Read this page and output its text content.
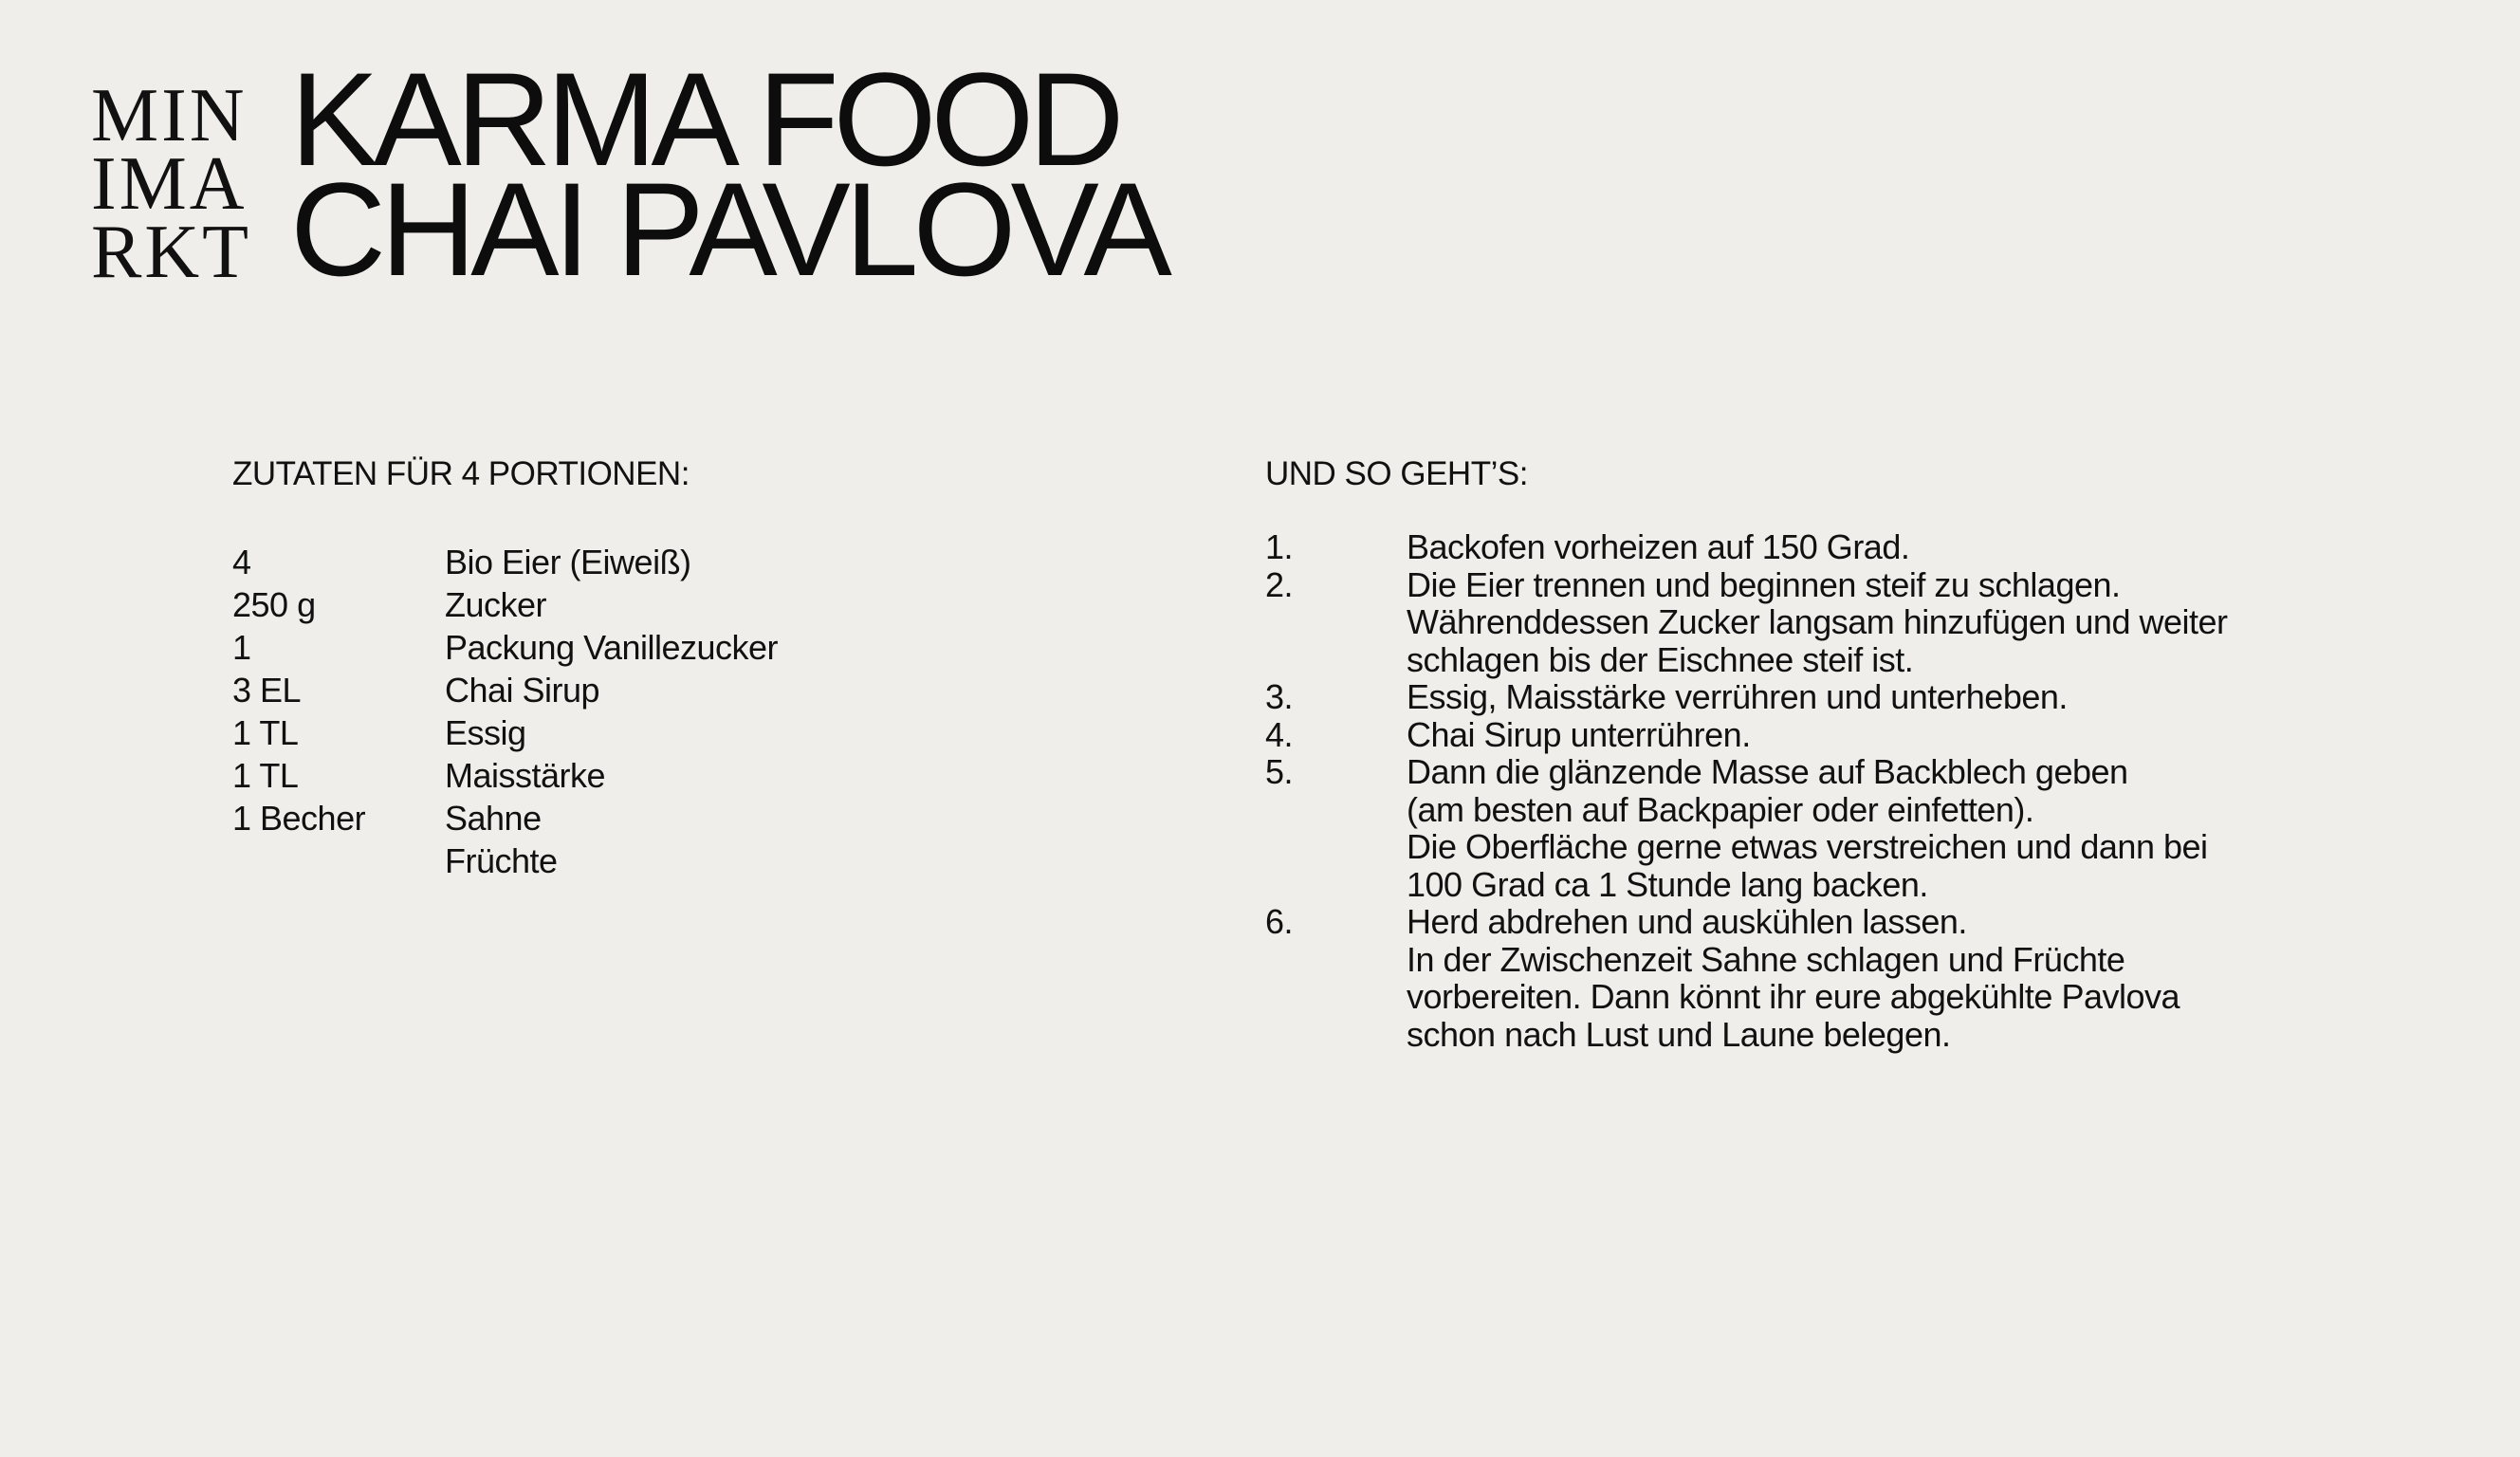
MIN
IMA
RKT
KARMA FOOD
CHAI PAVLOVA
ZUTATEN FÜR 4 PORTIONEN:
4	Bio Eier (Eiweiß)
250 g	Zucker
1	Packung Vanillezucker
3 EL	Chai Sirup
1 TL	Essig
1 TL	Maisstärke
1 Becher	Sahne
Früchte
UND SO GEHT’S:
1.	Backofen vorheizen auf 150 Grad.
2.	Die Eier trennen und beginnen steif zu schlagen.
Währenddessen Zucker langsam hinzufügen und weiter
schlagen bis der Eischnee steif ist.
3.	Essig, Maisstärke verrühren und unterheben.
4.	Chai Sirup unterrühren.
5.	Dann die glänzende Masse auf Backblech geben
(am besten auf Backpapier oder einfetten).
Die Oberfläche gerne etwas verstreichen und dann bei
100 Grad ca 1 Stunde lang backen.
6.	Herd abdrehen und auskühlen lassen.
In der Zwischenzeit Sahne schlagen und Früchte
vorbereiten. Dann könnt ihr eure abgekühlte Pavlova
schon nach Lust und Laune belegen.
